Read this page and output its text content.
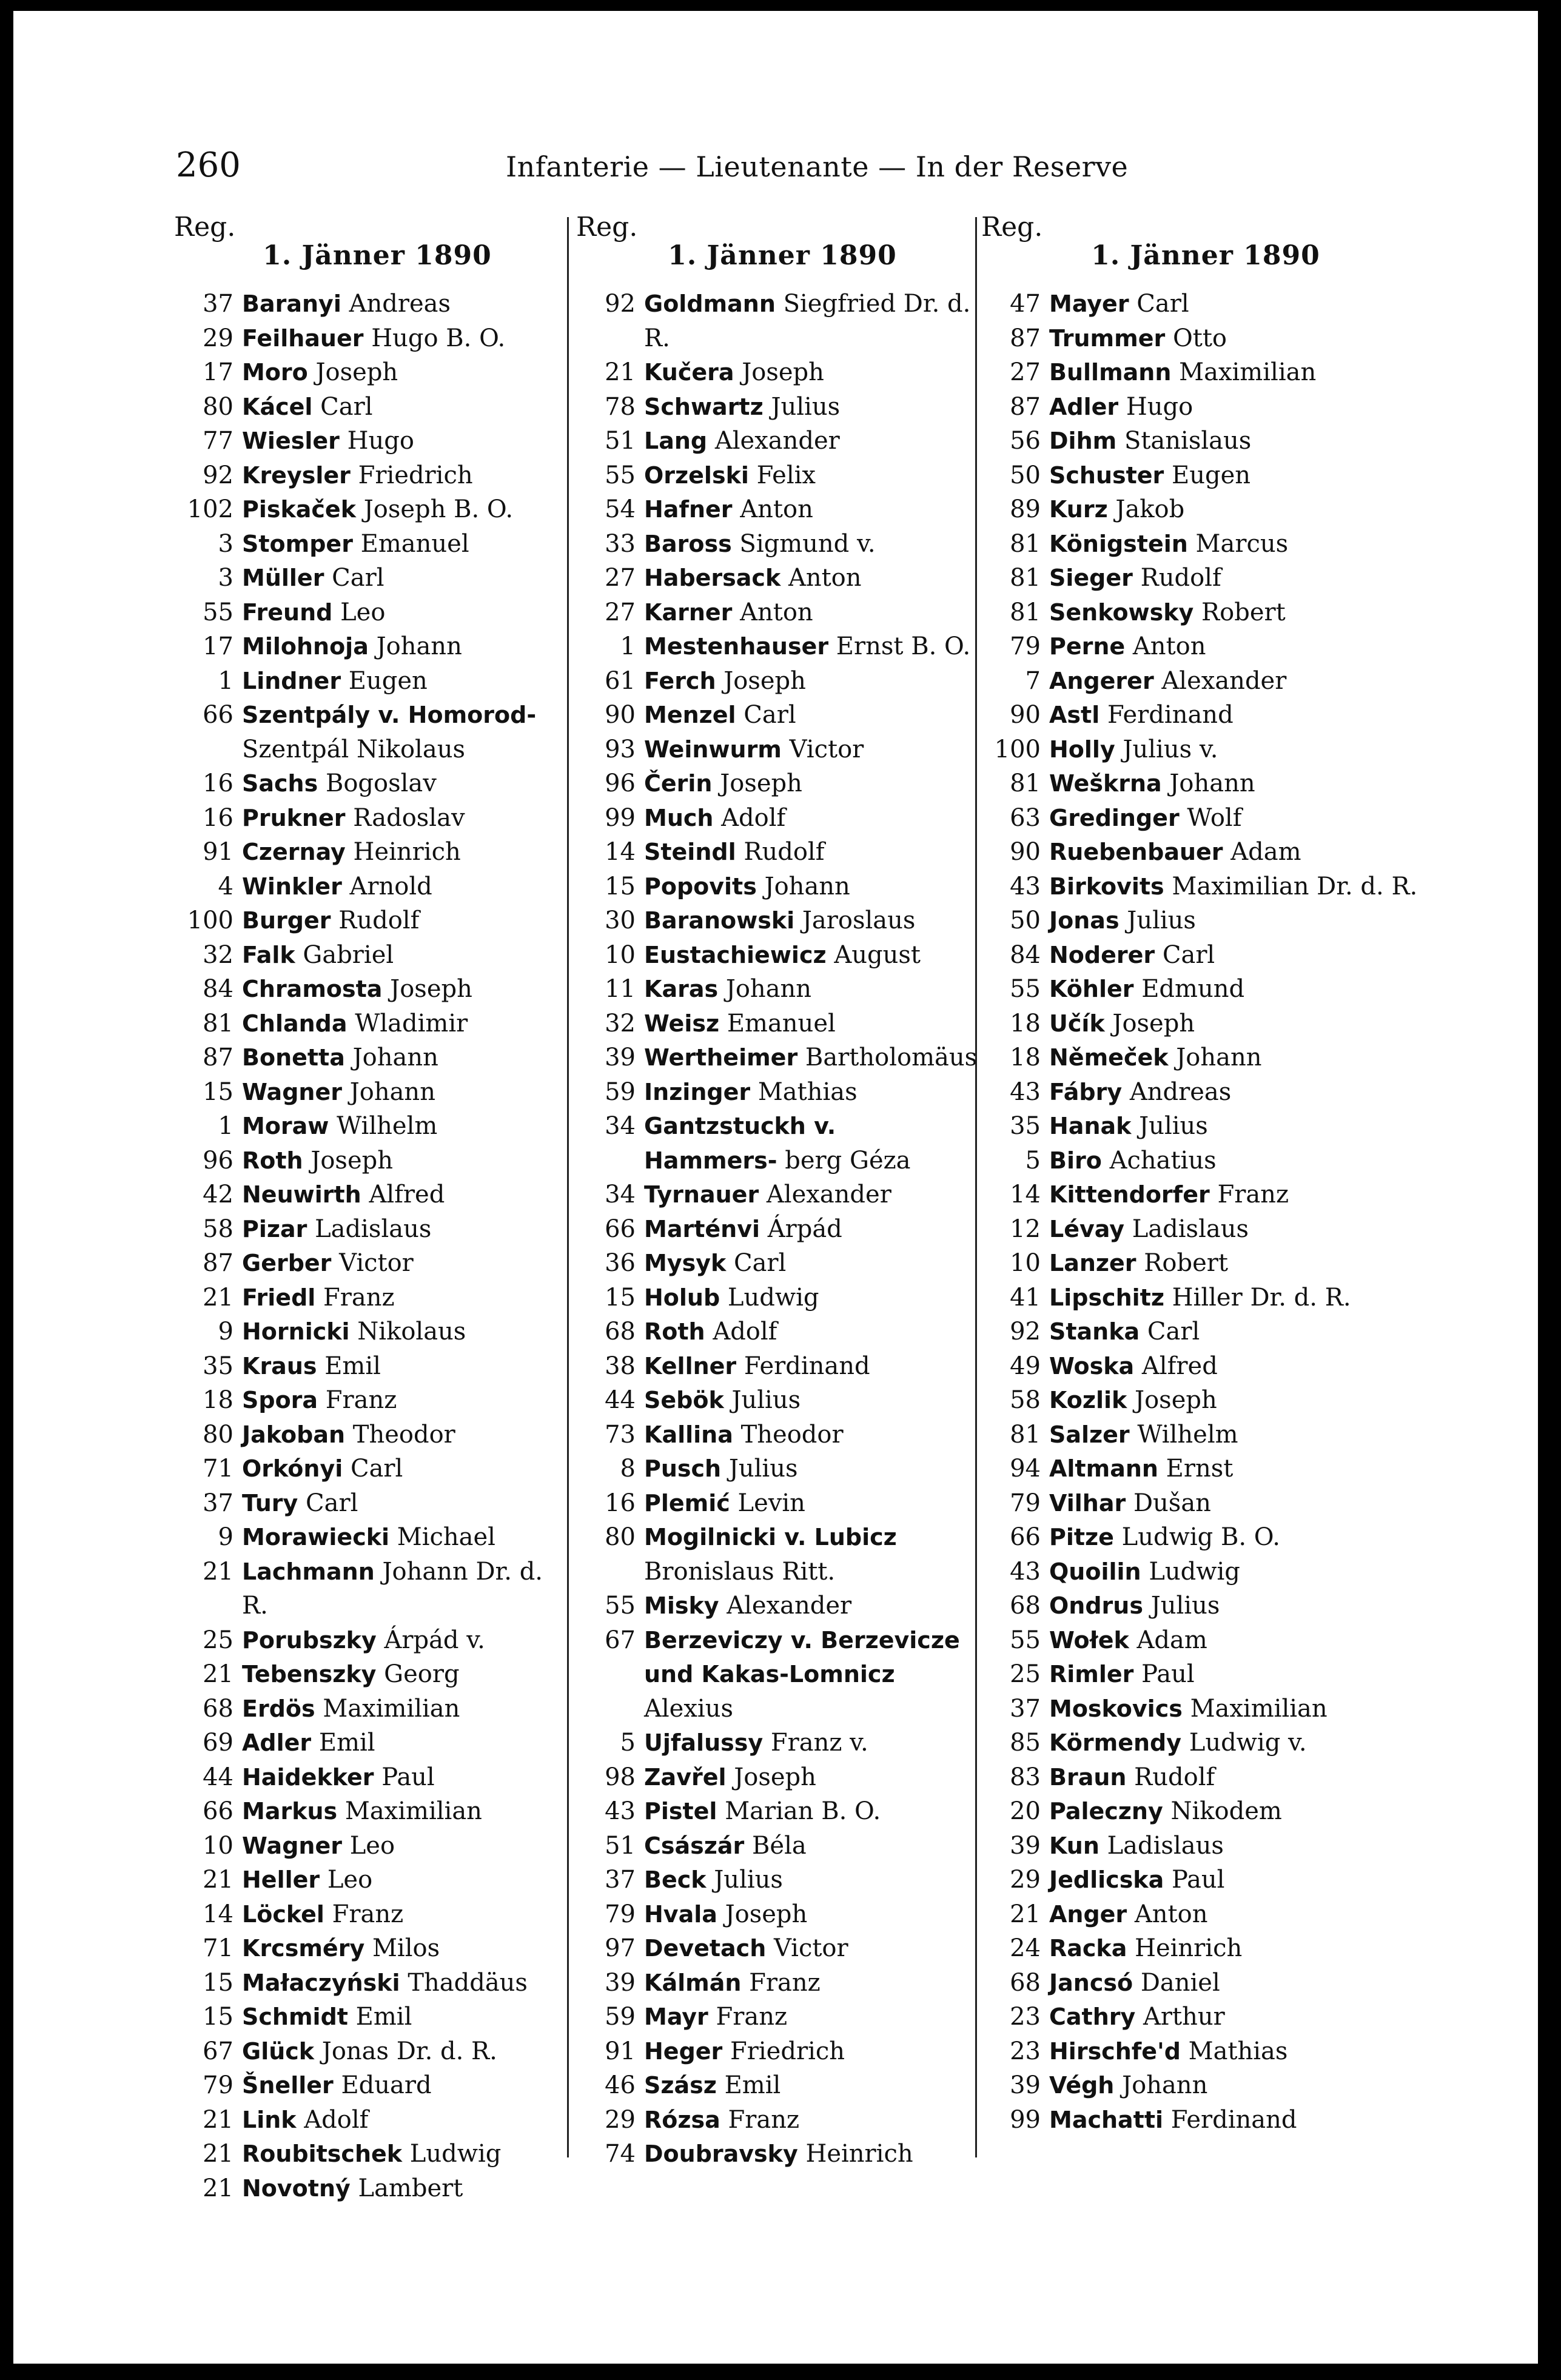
260	Infanterie — Lieutenante — In der Reserve
Reg.
1. Jänner 1890
37 Baranyi Andreas
29 Feilhauer Hugo B. O.
17 Moro Joseph
80 Kácel Carl
77 Wiesler Hugo
92 Kreysler Friedrich
102 Piskaček Joseph B. O.
3 Stomper Emanuel
3 Müller Carl
55 Freund Leo
17 Milohnoja Johann
1 Lindner Eugen
66 Szentpály v. Homorod- Szentpál Nikolaus
16 Sachs Bogoslav
16 Prukner Radoslav
91 Czernay Heinrich
4 Winkler Arnold
100 Burger Rudolf
32 Falk Gabriel
84 Chramosta Joseph
81 Chlanda Wladimir
87 Bonetta Johann
15 Wagner Johann
1 Moraw Wilhelm
96 Roth Joseph
42 Neuwirth Alfred
58 Pizar Ladislaus
87 Gerber Victor
21 Friedl Franz
9 Hornicki Nikolaus
35 Kraus Emil
18 Spora Franz
80 Jakoban Theodor
71 Orkónyi Carl
37 Tury Carl
9 Morawiecki Michael
21 Lachmann Johann Dr. d. R.
25 Porubszky Árpád v.
21 Tebenszky Georg
68 Erdös Maximilian
69 Adler Emil
44 Haidekker Paul
66 Markus Maximilian
10 Wagner Leo
21 Heller Leo
14 Löckel Franz
71 Krcsméry Milos
15 Małaczyński Thaddäus
15 Schmidt Emil
67 Glück Jonas Dr. d. R.
79 Šneller Eduard
21 Link Adolf
21 Roubitschek Ludwig
21 Novotný Lambert
Reg.
1. Jänner 1890
92 Goldmann Siegfried Dr. d. R.
21 Kučera Joseph
78 Schwartz Julius
51 Lang Alexander
55 Orzelski Felix
54 Hafner Anton
33 Baross Sigmund v.
27 Habersack Anton
27 Karner Anton
1 Mestenhauser Ernst B. O.
61 Ferch Joseph
90 Menzel Carl
93 Weinwurm Victor
96 Čerin Joseph
99 Much Adolf
14 Steindl Rudolf
15 Popovits Johann
30 Baranowski Jaroslaus
10 Eustachiewicz August
11 Karas Johann
32 Weisz Emanuel
39 Wertheimer Bartholomäus
59 Inzinger Mathias
34 Gantzstuckh v. Hammers- berg Géza
34 Tyrnauer Alexander
66 Marténvi Árpád
36 Mysyk Carl
15 Holub Ludwig
68 Roth Adolf
38 Kellner Ferdinand
44 Sebök Julius
73 Kallina Theodor
8 Pusch Julius
16 Plemić Levin
80 Mogilnicki v. Lubicz Bronislaus Ritt.
55 Misky Alexander
67 Berzeviczy v. Berzevicze und Kakas-Lomnicz Alexius
5 Ujfalussy Franz v.
98 Zavřel Joseph
43 Pistel Marian B. O.
51 Császár Béla
37 Beck Julius
79 Hvala Joseph
97 Devetach Victor
39 Kálmán Franz
59 Mayr Franz
91 Heger Friedrich
46 Szász Emil
29 Rózsa Franz
74 Doubravsky Heinrich
Reg.
1. Jänner 1890
47 Mayer Carl
87 Trummer Otto
27 Bullmann Maximilian
87 Adler Hugo
56 Dihm Stanislaus
50 Schuster Eugen
89 Kurz Jakob
81 Königstein Marcus
81 Sieger Rudolf
81 Senkowsky Robert
79 Perne Anton
7 Angerer Alexander
90 Astl Ferdinand
100 Holly Julius v.
81 Weškrna Johann
63 Gredinger Wolf
90 Ruebenbauer Adam
43 Birkovits Maximilian Dr. d. R.
50 Jonas Julius
84 Noderer Carl
55 Köhler Edmund
18 Učík Joseph
18 Němeček Johann
43 Fábry Andreas
35 Hanak Julius
5 Biro Achatius
14 Kittendorfer Franz
12 Lévay Ladislaus
10 Lanzer Robert
41 Lipschitz Hiller Dr. d. R.
92 Stanka Carl
49 Woska Alfred
58 Kozlik Joseph
81 Salzer Wilhelm
94 Altmann Ernst
79 Vilhar Dušan
66 Pitze Ludwig B. O.
43 Quoilin Ludwig
68 Ondrus Julius
55 Wołek Adam
25 Rimler Paul
37 Moskovics Maximilian
85 Körmendy Ludwig v.
83 Braun Rudolf
20 Paleczny Nikodem
39 Kun Ladislaus
29 Jedlicska Paul
21 Anger Anton
24 Racka Heinrich
68 Jancsó Daniel
23 Cathry Arthur
23 Hirschfe'd Mathias
39 Végh Johann
99 Machatti Ferdinand
